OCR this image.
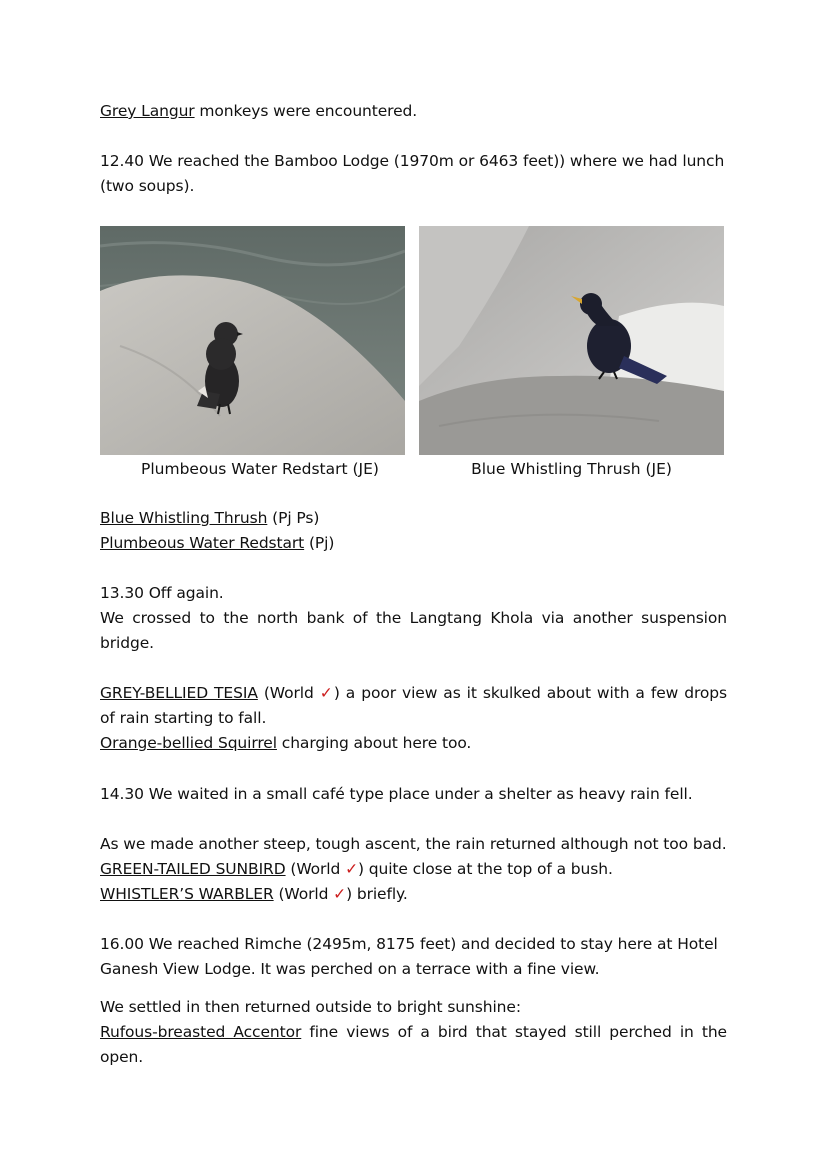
Grey Langur monkeys were encountered.
12.40 We reached the Bamboo Lodge (1970m or 6463 feet)) where we had lunch (two soups).
Plumbeous Water Redstart (JE)	Blue Whistling Thrush (JE)
Blue Whistling Thrush (Pj Ps)
Plumbeous Water Redstart (Pj)
13.30 Off again.
We crossed to the north bank of the Langtang Khola via another suspension bridge.
GREY-BELLIED TESIA (World ✓) a poor view as it skulked about with a few drops of rain starting to fall.
Orange-bellied Squirrel charging about here too.
14.30 We waited in a small café type place under a shelter as heavy rain fell.
As we made another steep, tough ascent, the rain returned although not too bad.
GREEN-TAILED SUNBIRD (World ✓) quite close at the top of a bush.
WHISTLER’S WARBLER (World ✓) briefly.
16.00 We reached Rimche (2495m, 8175 feet) and decided to stay here at Hotel Ganesh View Lodge. It was perched on a terrace with a fine view.
We settled in then returned outside to bright sunshine:
Rufous-breasted Accentor fine views of a bird that stayed still perched in the open.
